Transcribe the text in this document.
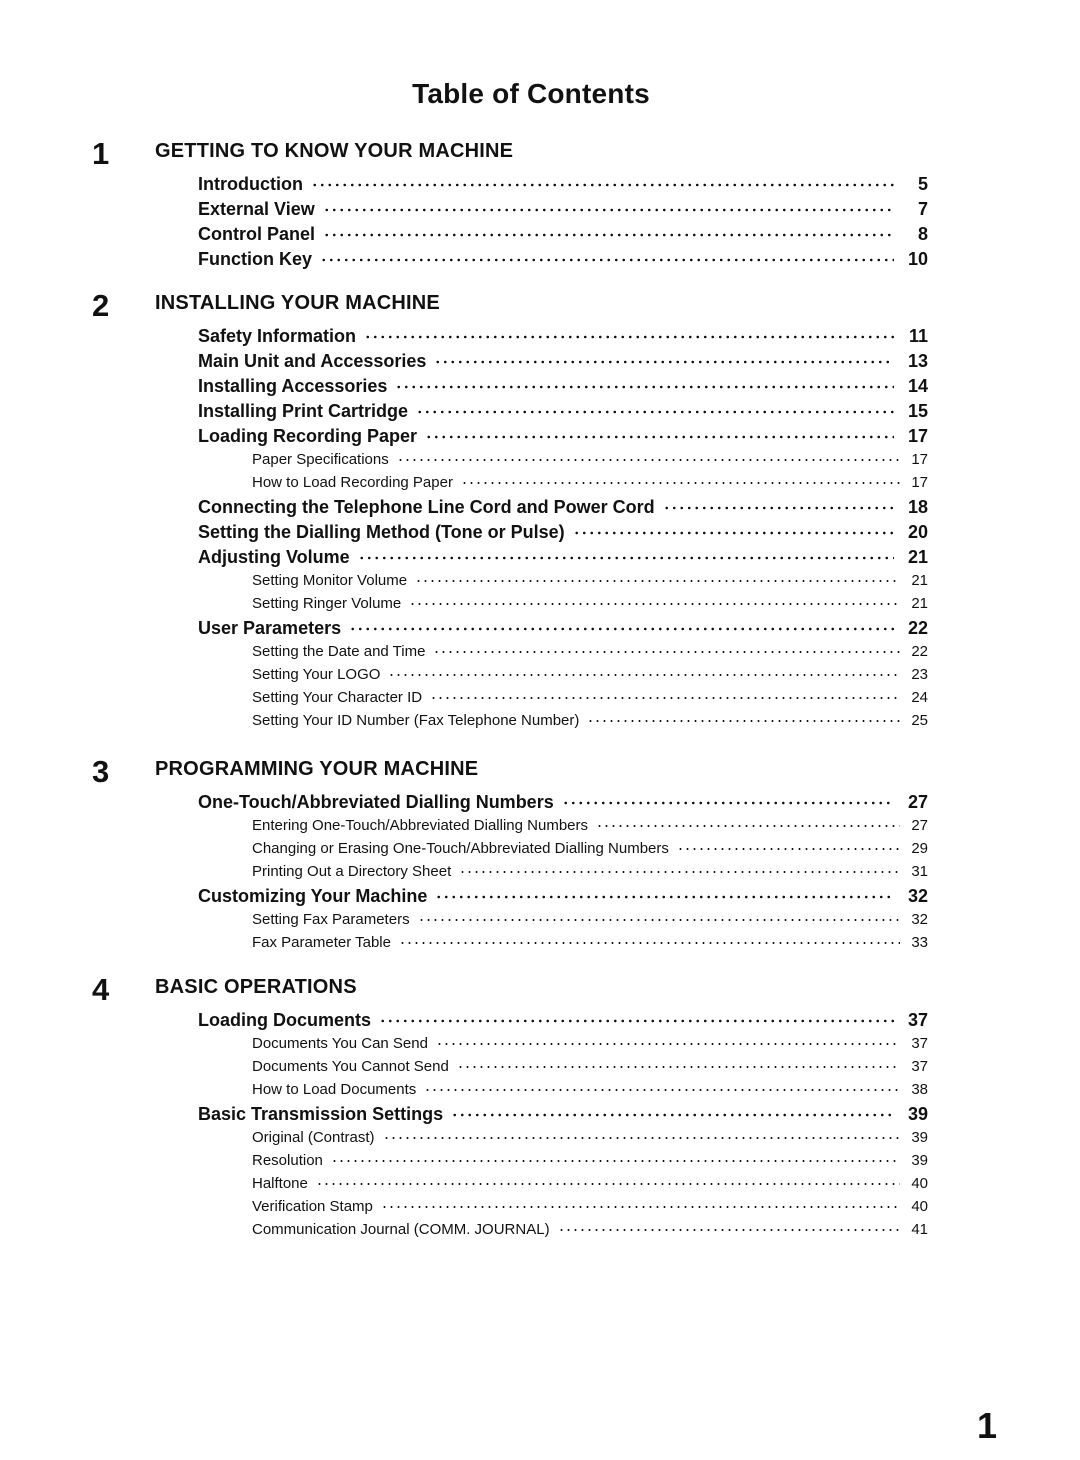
Table of Contents
1 GETTING TO KNOW YOUR MACHINE
Introduction	5
External View	7
Control Panel	8
Function Key	10
2 INSTALLING YOUR MACHINE
Safety Information	11
Main Unit and Accessories	13
Installing Accessories	14
Installing Print Cartridge	15
Loading Recording Paper	17
Paper Specifications	17
How to Load Recording Paper	17
Connecting the Telephone Line Cord and Power Cord	18
Setting the Dialling Method (Tone or Pulse)	20
Adjusting Volume	21
Setting Monitor Volume	21
Setting Ringer Volume	21
User Parameters	22
Setting the Date and Time	22
Setting Your LOGO	23
Setting Your Character ID	24
Setting Your ID Number (Fax Telephone Number)	25
3 PROGRAMMING YOUR MACHINE
One-Touch/Abbreviated Dialling Numbers	27
Entering One-Touch/Abbreviated Dialling Numbers	27
Changing or Erasing One-Touch/Abbreviated Dialling Numbers	29
Printing Out a Directory Sheet	31
Customizing Your Machine	32
Setting Fax Parameters	32
Fax Parameter Table	33
4 BASIC OPERATIONS
Loading Documents	37
Documents You Can Send	37
Documents You Cannot Send	37
How to Load Documents	38
Basic Transmission Settings	39
Original (Contrast)	39
Resolution	39
Halftone	40
Verification Stamp	40
Communication Journal (COMM. JOURNAL)	41
1
